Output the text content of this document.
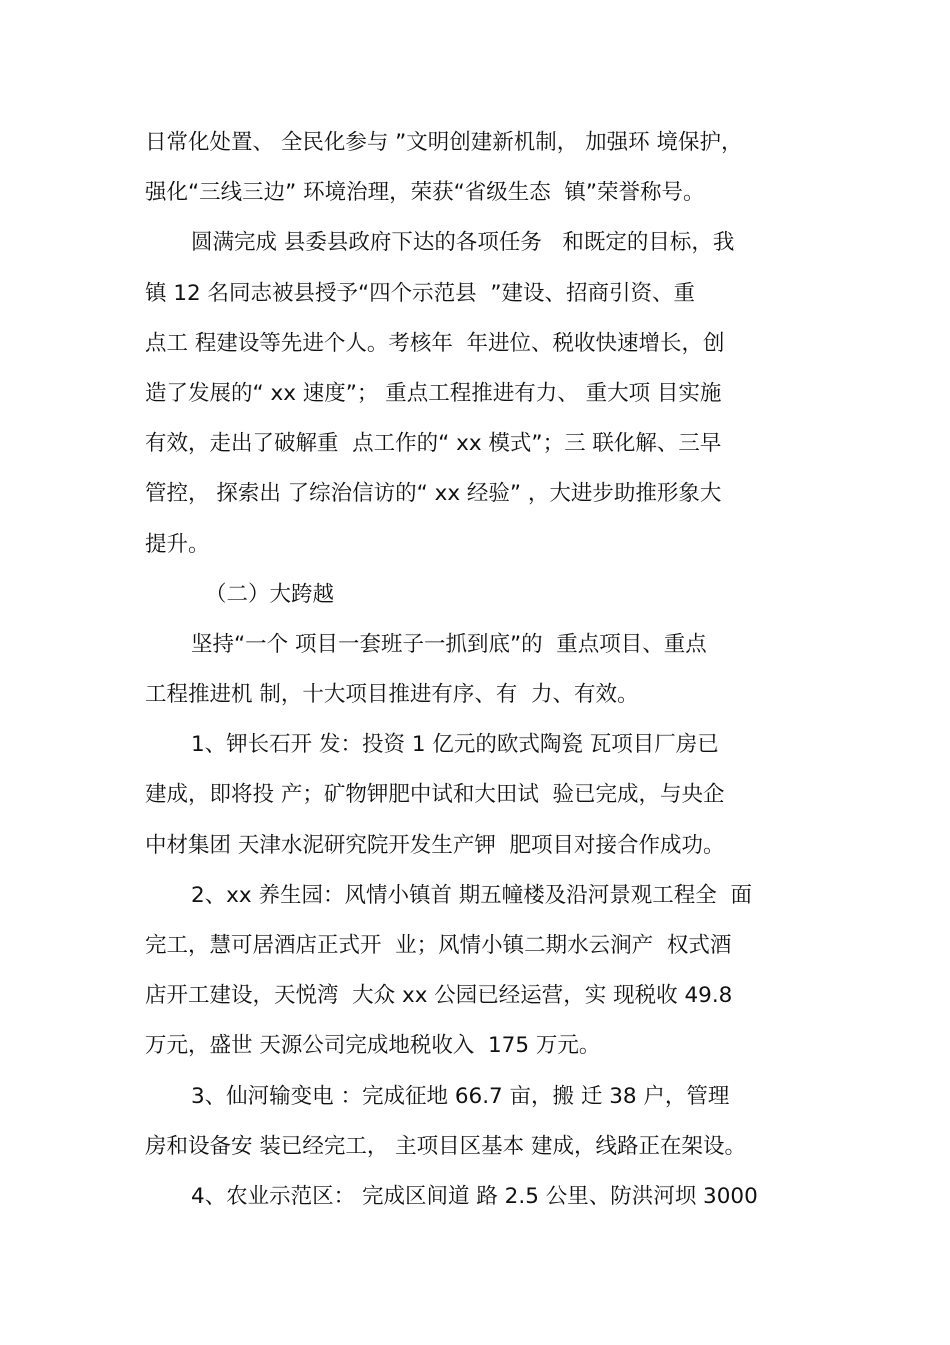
日常化处置、 全民化参与 ”文明创建新机制， 加强环 境保护，
强化“三线三边” 环境治理，荣获“省级生态  镇”荣誉称号。
圆满完成 县委县政府下达的各项任务   和既定的目标，我
镇 12 名同志被县授予“四个示范县  ”建设、招商引资、重
点工 程建设等先进个人。考核年  年进位、税收快速增长，创
造了发展的“ xx 速度”； 重点工程推进有力、 重大项 目实施
有效，走出了破解重  点工作的“ xx 模式”；三 联化解、三早
管控， 探索出 了综治信访的“ xx 经验” ，大进步助推形象大
提升。
（二）大跨越
坚持“一个 项目一套班子一抓到底”的  重点项目、重点
工程推进机 制，十大项目推进有序、有  力、有效。
1、钾长石开 发：投资 1 亿元的欧式陶瓷 瓦项目厂房已
建成，即将投 产；矿物钾肥中试和大田试  验已完成，与央企
中材集团 天津水泥研究院开发生产钾  肥项目对接合作成功。
2、xx 养生园：风情小镇首 期五幢楼及沿河景观工程全  面
完工，慧可居酒店正式开  业；风情小镇二期水云涧产  权式酒
店开工建设，天悦湾  大众 xx 公园已经运营，实 现税收 49.8
万元，盛世 天源公司完成地税收入  175 万元。
3、仙河输变电 ：完成征地 66.7 亩，搬 迁 38 户，管理
房和设备安 装已经完工， 主项目区基本 建成，线路正在架设。
4、农业示范区： 完成区间道 路 2.5 公里、防洪河坝 3000
